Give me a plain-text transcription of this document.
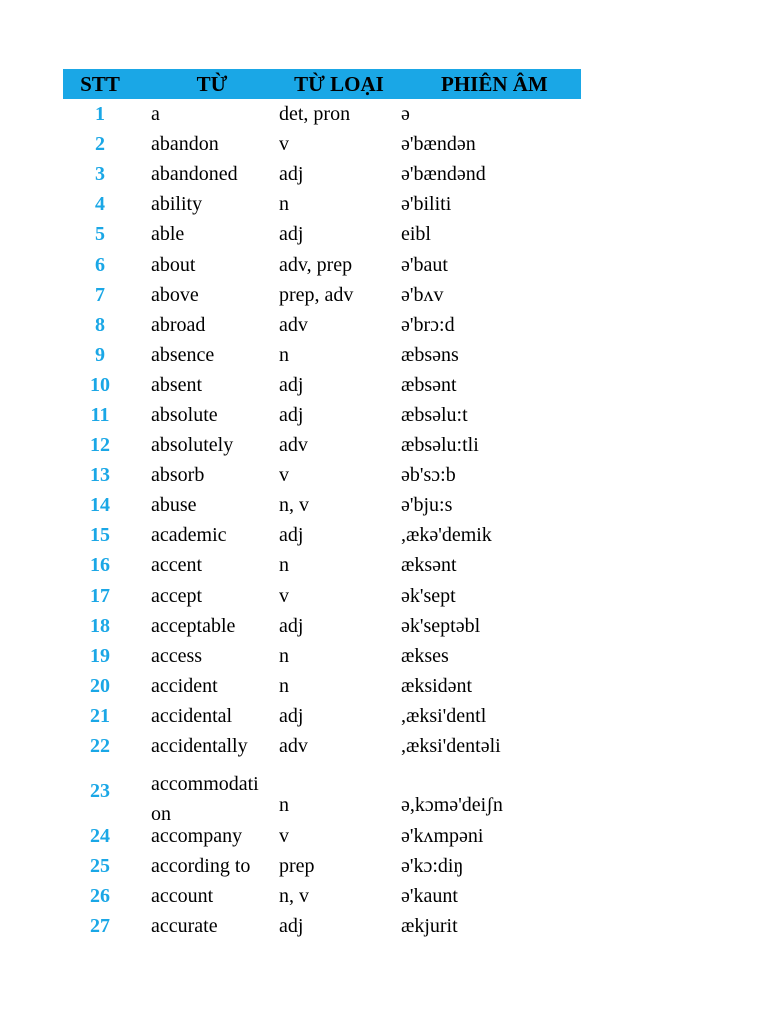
STT	TỪ	TỪ LOẠI	PHIÊN ÂM
1	a	det, pron	ə
2	abandon	v	ə'bændən
3	abandoned	adj	ə'bændənd
4	ability	n	ə'biliti
5	able	adj	eibl
6	about	adv, prep	ə'baut
7	above	prep, adv	ə'bʌv
8	abroad	adv	ə'brɔ:d
9	absence	n	æbsəns
10	absent	adj	æbsənt
11	absolute	adj	æbsəlu:t
12	absolutely	adv	æbsəlu:tli
13	absorb	v	əb'sɔ:b
14	abuse	n, v	ə'bju:s
15	academic	adj	,ækə'demik
16	accent	n	æksənt
17	accept	v	ək'sept
18	acceptable	adj	ək'septəbl
19	access	n	ækses
20	accident	n	æksidənt
21	accidental	adj	,æksi'dentl
22	accidentally	adv	,æksi'dentəli
23	accommodation	n	ə,kɔmə'deiʃn
24	accompany	v	ə'kʌmpəni
25	according to	prep	ə'kɔ:diŋ
26	account	n, v	ə'kaunt
27	accurate	adj	ækjurit
